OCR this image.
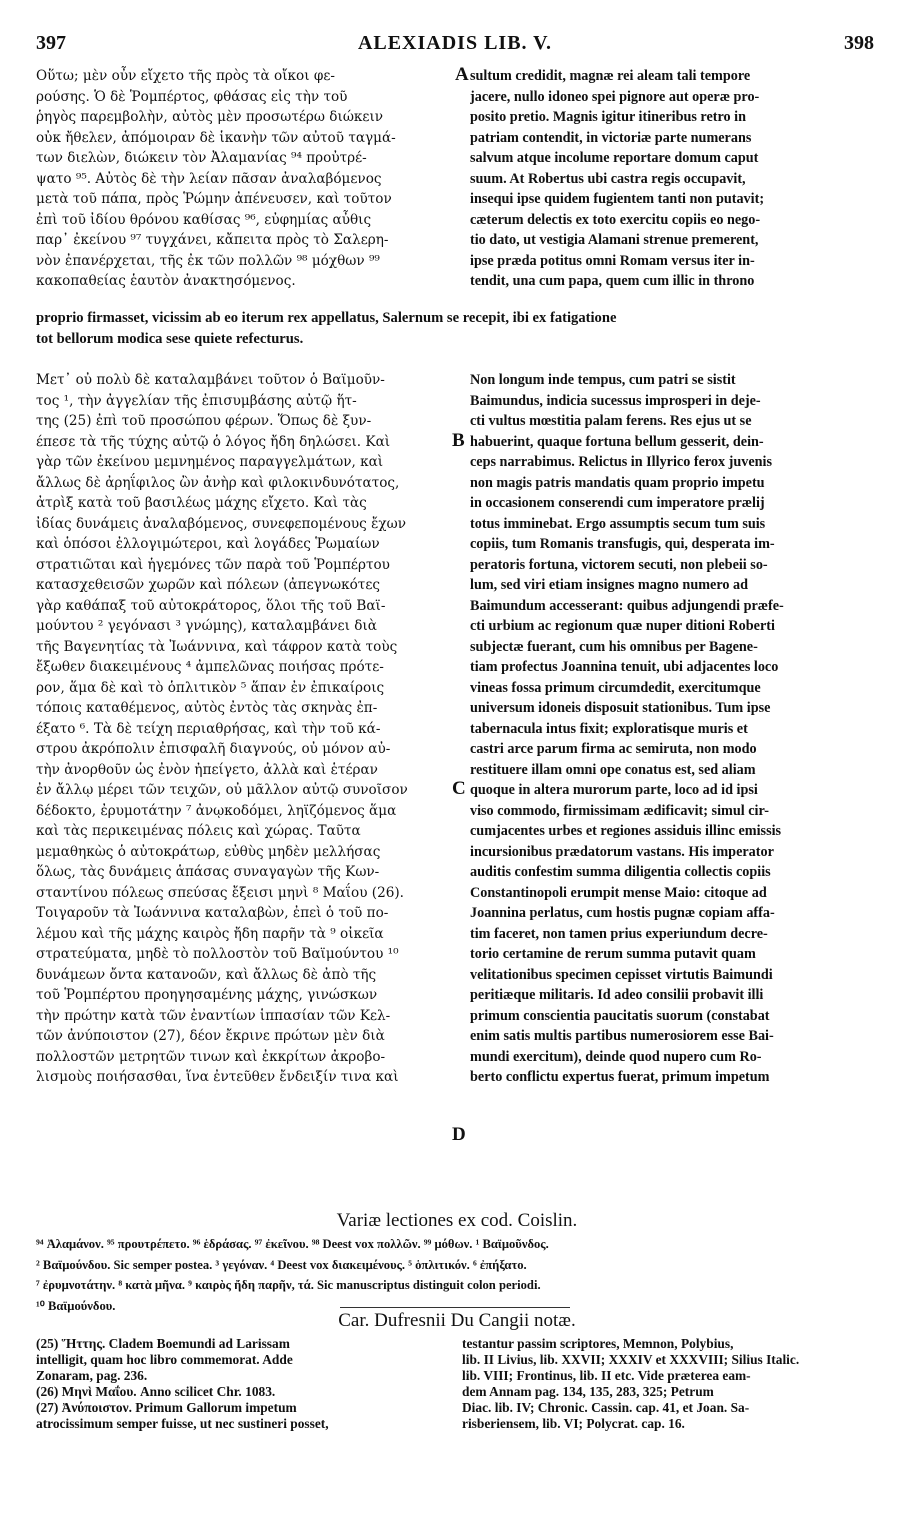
397	ALEXIADIS LIB. V.	398
A
B
C
D
Οὕτω; μὲν οὖν εἴχετο τῆς πρὸς τὰ οἴκοι φε-
ρούσης. Ὁ δὲ Ῥομπέρτος, φθάσας εἰς τὴν τοῦ
ῥηγὸς παρεμβολὴν, αὐτὸς μὲν προσωτέρω διώκειν
οὐκ ἤθελεν, ἀπόμοιραν δὲ ἱκανὴν τῶν αὐτοῦ ταγμά-
των διελὼν, διώκειν τὸν Ἀλαμανίας ⁹⁴ προὐτρέ-
ψατο ⁹⁵. Αὐτὸς δὲ τὴν λείαν πᾶσαν ἀναλαβόμενος
μετὰ τοῦ πάπα, πρὸς Ῥώμην ἀπένευσεν, καὶ τοῦτον
ἐπὶ τοῦ ἰδίου θρόνου καθίσας ⁹⁶, εὐφημίας αὖθις
παρ᾽ ἐκείνου ⁹⁷ τυγχάνει, κἄπειτα πρὸς τὸ Σαλερη-
νὸν ἐπανέρχεται, τῆς ἐκ τῶν πολλῶν ⁹⁸ μόχθων ⁹⁹
κακοπαθείας ἑαυτὸν ἀνακτησόμενος.
sultum credidit, magnæ rei aleam tali tempore
jacere, nullo idoneo spei pignore aut operæ pro-
posito pretio. Magnis igitur itineribus retro in
patriam contendit, in victoriæ parte numerans
salvum atque incolume reportare domum caput
suum. At Robertus ubi castra regis occupavit,
insequi ipse quidem fugientem tanti non putavit;
cæterum delectis ex toto exercitu copiis eo nego-
tio dato, ut vestigia Alamani strenue premerent,
ipse præda potitus omni Romam versus iter in-
tendit, una cum papa, quem cum illic in throno
proprio firmasset, vicissim ab eo iterum rex appellatus, Salernum se recepit, ibi ex fatigatione
tot bellorum modica sese quiete refecturus.
Μετ᾽ οὐ πολὺ δὲ καταλαμβάνει τοῦτον ὁ Βαϊμοῦν-
τος ¹, τὴν ἀγγελίαν τῆς ἐπισυμβάσης αὐτῷ ἥτ-
της (25) ἐπὶ τοῦ προσώπου φέρων. Ὅπως δὲ ξυν-
έπεσε τὰ τῆς τύχης αὐτῷ ὁ λόγος ἤδη δηλώσει. Καὶ
γὰρ τῶν ἐκείνου μεμνημένος παραγγελμάτων, καὶ
ἄλλως δὲ ἀρηΐφιλος ὢν ἀνὴρ καὶ φιλοκινδυνότατος,
ἀτρὶξ κατὰ τοῦ βασιλέως μάχης εἴχετο. Καὶ τὰς
ἰδίας δυνάμεις ἀναλαβόμενος, συνεφεπομένους ἔχων
καὶ ὁπόσοι ἐλλογιμώτεροι, καὶ λογάδες Ῥωμαίων
στρατιῶται καὶ ἡγεμόνες τῶν παρὰ τοῦ Ῥομπέρτου
κατασχεθεισῶν χωρῶν καὶ πόλεων (ἀπεγνωκότες
γὰρ καθάπαξ τοῦ αὐτοκράτορος, ὅλοι τῆς τοῦ Βαϊ-
μούντου ² γεγόνασι ³ γνώμης), καταλαμβάνει διὰ
τῆς Βαγενητίας τὰ Ἰωάννινα, καὶ τάφρον κατὰ τοὺς
ἔξωθεν διακειμένους ⁴ ἀμπελῶνας ποιήσας πρότε-
ρον, ἅμα δὲ καὶ τὸ ὁπλιτικὸν ⁵ ἅπαν ἐν ἐπικαίροις
τόποις καταθέμενος, αὐτὸς ἐντὸς τὰς σκηνὰς ἐπ-
έξατο ⁶. Τὰ δὲ τείχη περιαθρήσας, καὶ τὴν τοῦ κά-
στρου ἀκρόπολιν ἐπισφαλῆ διαγνούς, οὐ μόνον αὐ-
τὴν ἀνορθοῦν ὡς ἐνὸν ἠπείγετο, ἀλλὰ καὶ ἑτέραν
ἐν ἄλλῳ μέρει τῶν τειχῶν, οὐ μᾶλλον αὐτῷ συνοῖσον
δέδοκτο, ἐρυμοτάτην ⁷ ἀνῳκοδόμει, ληϊζόμενος ἅμα
καὶ τὰς περικειμένας πόλεις καὶ χώρας. Ταῦτα
μεμαθηκὼς ὁ αὐτοκράτωρ, εὐθὺς μηδὲν μελλήσας
ὅλως, τὰς δυνάμεις ἁπάσας συναγαγὼν τῆς Κων-
σταντίνου πόλεως σπεύσας ἔξεισι μηνὶ ⁸ Μαΐου (26).
Τοιγαροῦν τὰ Ἰωάννινα καταλαβὼν, ἐπεὶ ὁ τοῦ πο-
λέμου καὶ τῆς μάχης καιρὸς ἤδη παρῆν τὰ ⁹ οἰκεῖα
στρατεύματα, μηδὲ τὸ πολλοστὸν τοῦ Βαϊμούντου ¹⁰
δυνάμεων ὄντα κατανοῶν, καὶ ἄλλως δὲ ἀπὸ τῆς
τοῦ Ῥομπέρτου προηγησαμένης μάχης, γινώσκων
τὴν πρώτην κατὰ τῶν ἐναντίων ἱππασίαν τῶν Κελ-
τῶν ἀνύποιστον (27), δέον ἔκρινε πρώτων μὲν διὰ
πολλοστῶν μετρητῶν τινων καὶ ἐκκρίτων ἀκροβο-
λισμοὺς ποιήσασθαι, ἵνα ἐντεῦθεν ἔνδειξίν τινα καὶ
Non longum inde tempus, cum patri se sistit
Baimundus, indicia sucessus improsperi in deje-
cti vultus mœstitia palam ferens. Res ejus ut se
habuerint, quaque fortuna bellum gesserit, dein-
ceps narrabimus. Relictus in Illyrico ferox juvenis
non magis patris mandatis quam proprio impetu
in occasionem conserendi cum imperatore prælij
totus imminebat. Ergo assumptis secum tum suis
copiis, tum Romanis transfugis, qui, desperata im-
peratoris fortuna, victorem secuti, non plebeii so-
lum, sed viri etiam insignes magno numero ad
Baimundum accesserant: quibus adjungendi præfe-
cti urbium ac regionum quæ nuper ditioni Roberti
subjectæ fuerant, cum his omnibus per Bagene-
tiam profectus Joannina tenuit, ubi adjacentes loco
vineas fossa primum circumdedit, exercitumque
universum idoneis disposuit stationibus. Tum ipse
tabernacula intus fixit; exploratisque muris et
castri arce parum firma ac semiruta, non modo
restituere illam omni ope conatus est, sed aliam
quoque in altera murorum parte, loco ad id ipsi
viso commodo, firmissimam ædificavit; simul cir-
cumjacentes urbes et regiones assiduis illinc emissis
incursionibus prædatorum vastans. His imperator
auditis confestim summa diligentia collectis copiis
Constantinopoli erumpit mense Maio: citoque ad
Joannina perlatus, cum hostis pugnæ copiam affa-
tim faceret, non tamen prius experiundum decre-
torio certamine de rerum summa putavit quam
velitationibus specimen cepisset virtutis Baimundi
peritiæque militaris. Id adeo consilii probavit illi
primum conscientia paucitatis suorum (constabat
enim satis multis partibus numerosiorem esse Bai-
mundi exercitum), deinde quod nupero cum Ro-
berto conflictu expertus fuerat, primum impetum
Variæ lectiones ex cod. Coislin.
⁹⁴ Ἀλαμάνον. ⁹⁵ προυτρέπετο. ⁹⁶ ἑδράσας. ⁹⁷ ἐκεῖνου. ⁹⁸ Deest vox πολλῶν. ⁹⁹ μόθων. ¹ Βαϊμοῦνδος.
² Βαϊμούνδου. Sic semper postea. ³ γεγόναν. ⁴ Deest vox διακειμένους. ⁵ ὁπλιτικόν. ⁶ ἐπήξατο.
⁷ ἐρυμνοτάτην. ⁸ κατὰ μῆνα. ⁹ καιρὸς ἤδη παρῆν, τά. Sic manuscriptus distinguit colon periodi.
¹⁰ Βαϊμούνδου.
Car. Dufresnii Du Cangii notæ.
(25) Ἥττης. Cladem Boemundi ad Larissam
intelligit, quam hoc libro commemorat. Adde
Zonaram, pag. 236.
(26) Μηνὶ Μαΐου. Anno scilicet Chr. 1083.
(27) Ἀνύποιστον. Primum Gallorum impetum
atrocissimum semper fuisse, ut nec sustineri posset,
testantur passim scriptores, Memnon, Polybius,
lib. II Livius, lib. XXVII; XXXIV et XXXVIII; Silius Italic.
lib. VIII; Frontinus, lib. II etc. Vide præterea eam-
dem Annam pag. 134, 135, 283, 325; Petrum
Diac. lib. IV; Chronic. Cassin. cap. 41, et Joan. Sa-
risberiensem, lib. VI; Polycrat. cap. 16.
